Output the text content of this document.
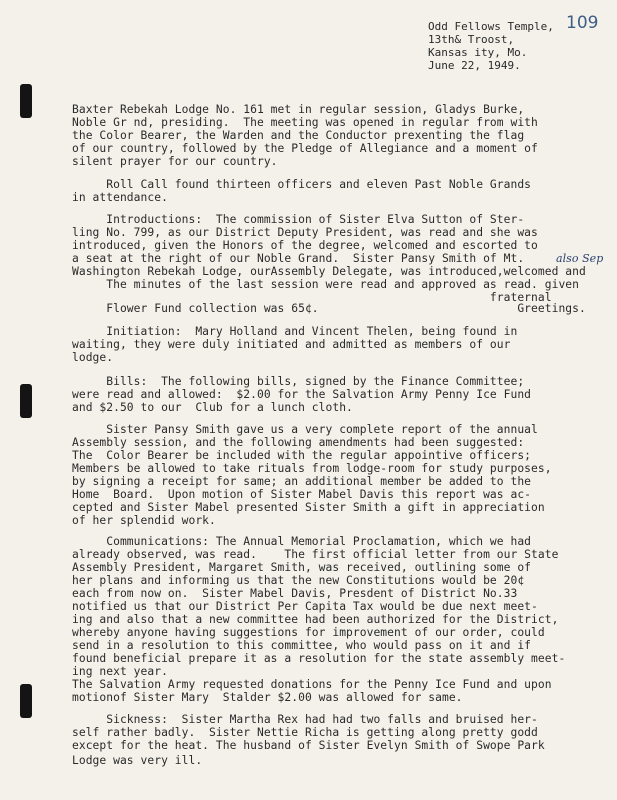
109
Odd Fellows Temple,
13th& Troost,
Kansas ity, Mo.
June 22, 1949.
Baxter Rebekah Lodge No. 161 met in regular session, Gladys Burke,
Noble Gr nd, presiding.  The meeting was opened in regular from with
the Color Bearer, the Warden and the Conductor prexenting the flag
of our country, followed by the Pledge of Allegiance and a moment of
silent prayer for our country.
Roll Call found thirteen officers and eleven Past Noble Grands
in attendance.
Introductions:  The commission of Sister Elva Sutton of Ster-
ling No. 799, as our District Deputy President, was read and she was
introduced, given the Honors of the degree, welcomed and escorted to
a seat at the right of our Noble Grand.  Sister Pansy Smith of Mt.	also Sep
Washington Rebekah Lodge, ourAssembly Delegate, was introduced,welcomed and
The minutes of the last session were read and approved as read. given
fraternal
Flower Fund collection was 65¢.                             Greetings.
Initiation:  Mary Holland and Vincent Thelen, being found in
waiting, they were duly initiated and admitted as members of our
lodge.
Bills:  The following bills, signed by the Finance Committee;
were read and allowed:  $2.00 for the Salvation Army Penny Ice Fund
and $2.50 to our  Club for a lunch cloth.
Sister Pansy Smith gave us a very complete report of the annual
Assembly session, and the following amendments had been suggested:
The  Color Bearer be included with the regular appointive officers;
Members be allowed to take rituals from lodge-room for study purposes,
by signing a receipt for same; an additional member be added to the
Home  Board.  Upon motion of Sister Mabel Davis this report was ac-
cepted and Sister Mabel presented Sister Smith a gift in appreciation
of her splendid work.
Communications: The Annual Memorial Proclamation, which we had
already observed, was read.    The first official letter from our State
Assembly President, Margaret Smith, was received, outlining some of
her plans and informing us that the new Constitutions would be 20¢
each from now on.  Sister Mabel Davis, Presdent of District No.33
notified us that our District Per Capita Tax would be due next meet-
ing and also that a new committee had been authorized for the District,
whereby anyone having suggestions for improvement of our order, could
send in a resolution to this committee, who would pass on it and if
found beneficial prepare it as a resolution for the state assembly meet-
ing next year.
The Salvation Army requested donations for the Penny Ice Fund and upon
motionof Sister Mary  Stalder $2.00 was allowed for same.
Sickness:  Sister Martha Rex had had two falls and bruised her-
self rather badly.  Sister Nettie Richa is getting along pretty godd
except for the heat. The husband of Sister Evelyn Smith of Swope Park
Lodge was very ill.
